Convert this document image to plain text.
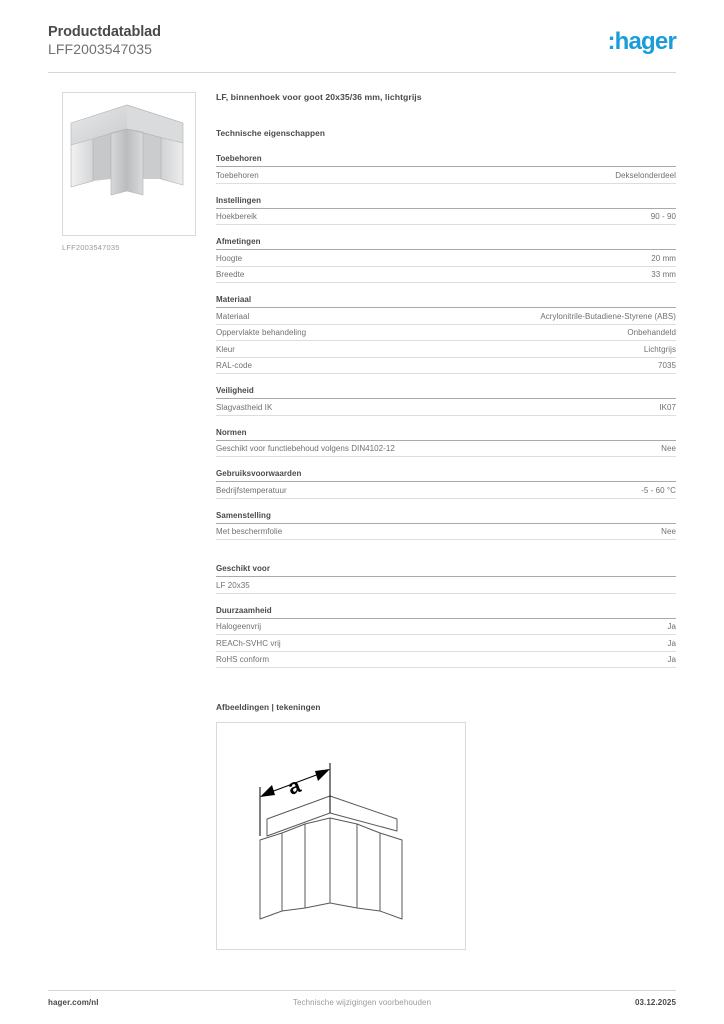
Productdatablad
LFF2003547035	:hager
LFF2003547035
LF, binnenhoek voor goot 20x35/36 mm, lichtgrijs
Technische eigenschappen
Toebehoren
Toebehoren	Dekselonderdeel
Instellingen
Hoekbereik	90 - 90
Afmetingen
Hoogte	20 mm
Breedte	33 mm
Materiaal
Materiaal	Acrylonitrile-Butadiene-Styrene (ABS)
Oppervlakte behandeling	Onbehandeld
Kleur	Lichtgrijs
RAL-code	7035
Veiligheid
Slagvastheid IK	IK07
Normen
Geschikt voor functiebehoud volgens DIN4102-12	Nee
Gebruiksvoorwaarden
Bedrijfstemperatuur	-5 - 60 °C
Samenstelling
Met beschermfolie	Nee
Geschikt voor
LF 20x35
Duurzaamheid
Halogeenvrij	Ja
REACh-SVHC vrij	Ja
RoHS conform	Ja
Afbeeldingen | tekeningen
a
hager.com/nl	Technische wijzigingen voorbehouden	03.12.2025
